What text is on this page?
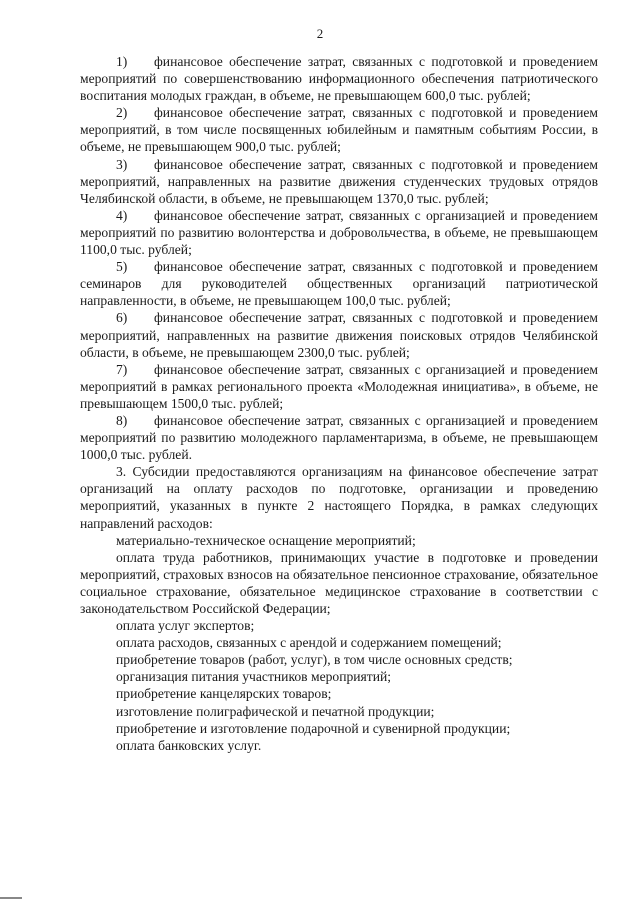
2

1) финансовое обеспечение затрат, связанных с подготовкой и проведением мероприятий по совершенствованию информационного обеспечения патриотического воспитания молодых граждан, в объеме, не превышающем 600,0 тыс. рублей;

2) финансовое обеспечение затрат, связанных с подготовкой и проведением мероприятий, в том числе посвященных юбилейным и памятным событиям России, в объеме, не превышающем 900,0 тыс. рублей;

3) финансовое обеспечение затрат, связанных с подготовкой и проведением мероприятий, направленных на развитие движения студенческих трудовых отрядов Челябинской области, в объеме, не превышающем 1370,0 тыс. рублей;

4) финансовое обеспечение затрат, связанных с организацией и проведением мероприятий по развитию волонтерства и добровольчества, в объеме, не превышающем 1100,0 тыс. рублей;

5) финансовое обеспечение затрат, связанных с подготовкой и проведением семинаров для руководителей общественных организаций патриотической направленности, в объеме, не превышающем 100,0 тыс. рублей;

6) финансовое обеспечение затрат, связанных с подготовкой и проведением мероприятий, направленных на развитие движения поисковых отрядов Челябинской области, в объеме, не превышающем 2300,0 тыс. рублей;

7) финансовое обеспечение затрат, связанных с организацией и проведением мероприятий в рамках регионального проекта «Молодежная инициатива», в объеме, не превышающем 1500,0 тыс. рублей;

8) финансовое обеспечение затрат, связанных с организацией и проведением мероприятий по развитию молодежного парламентаризма, в объеме, не превышающем 1000,0 тыс. рублей.

3. Субсидии предоставляются организациям на финансовое обеспечение затрат организаций на оплату расходов по подготовке, организации и проведению мероприятий, указанных в пункте 2 настоящего Порядка, в рамках следующих направлений расходов:

материально-техническое оснащение мероприятий;

оплата труда работников, принимающих участие в подготовке и проведении мероприятий, страховых взносов на обязательное пенсионное страхование, обязательное социальное страхование, обязательное медицинское страхование в соответствии с законодательством Российской Федерации;

оплата услуг экспертов;

оплата расходов, связанных с арендой и содержанием помещений;

приобретение товаров (работ, услуг), в том числе основных средств;

организация питания участников мероприятий;

приобретение канцелярских товаров;

изготовление полиграфической и печатной продукции;

приобретение и изготовление подарочной и сувенирной продукции;

оплата банковских услуг.
